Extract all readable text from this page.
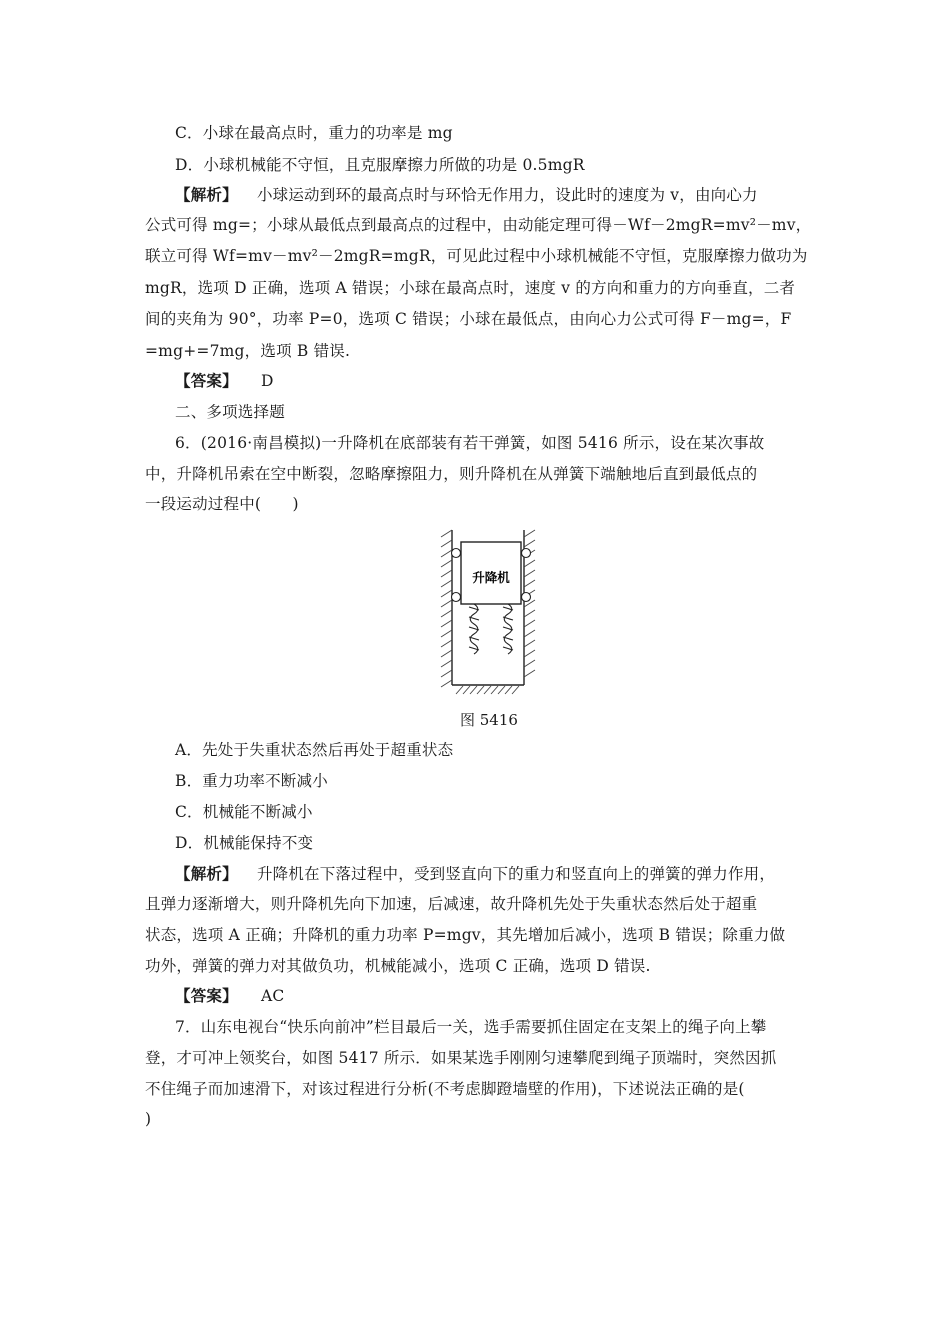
C．小球在最高点时，重力的功率是 mg
D．小球机械能不守恒，且克服摩擦力所做的功是 0.5mgR
【解析】 小球运动到环的最高点时与环恰无作用力，设此时的速度为 v，由向心力
公式可得 mg=；小球从最低点到最高点的过程中，由动能定理可得－Wf－2mgR=mv²－mv，
联立可得 Wf=mv－mv²－2mgR=mgR，可见此过程中小球机械能不守恒，克服摩擦力做功为
mgR，选项 D 正确，选项 A 错误；小球在最高点时，速度 v 的方向和重力的方向垂直，二者
间的夹角为 90°，功率 P=0，选项 C 错误；小球在最低点，由向心力公式可得 F－mg=，F
=mg+=7mg，选项 B 错误.
【答案】 D
二、多项选择题
6．(2016·南昌模拟)一升降机在底部装有若干弹簧，如图 5416 所示，设在某次事故
中，升降机吊索在空中断裂，忽略摩擦阻力，则升降机在从弹簧下端触地后直到最低点的
一段运动过程中(　　)
升降机
图 5416
A．先处于失重状态然后再处于超重状态
B．重力功率不断减小
C．机械能不断减小
D．机械能保持不变
【解析】 升降机在下落过程中，受到竖直向下的重力和竖直向上的弹簧的弹力作用，
且弹力逐渐增大，则升降机先向下加速，后减速，故升降机先处于失重状态然后处于超重
状态，选项 A 正确；升降机的重力功率 P=mgv，其先增加后减小，选项 B 错误；除重力做
功外，弹簧的弹力对其做负功，机械能减小，选项 C 正确，选项 D 错误.
【答案】 AC
7．山东电视台“快乐向前冲”栏目最后一关，选手需要抓住固定在支架上的绳子向上攀
登，才可冲上领奖台，如图 5417 所示．如果某选手刚刚匀速攀爬到绳子顶端时，突然因抓
不住绳子而加速滑下，对该过程进行分析(不考虑脚蹬墙壁的作用)，下述说法正确的是(
)
